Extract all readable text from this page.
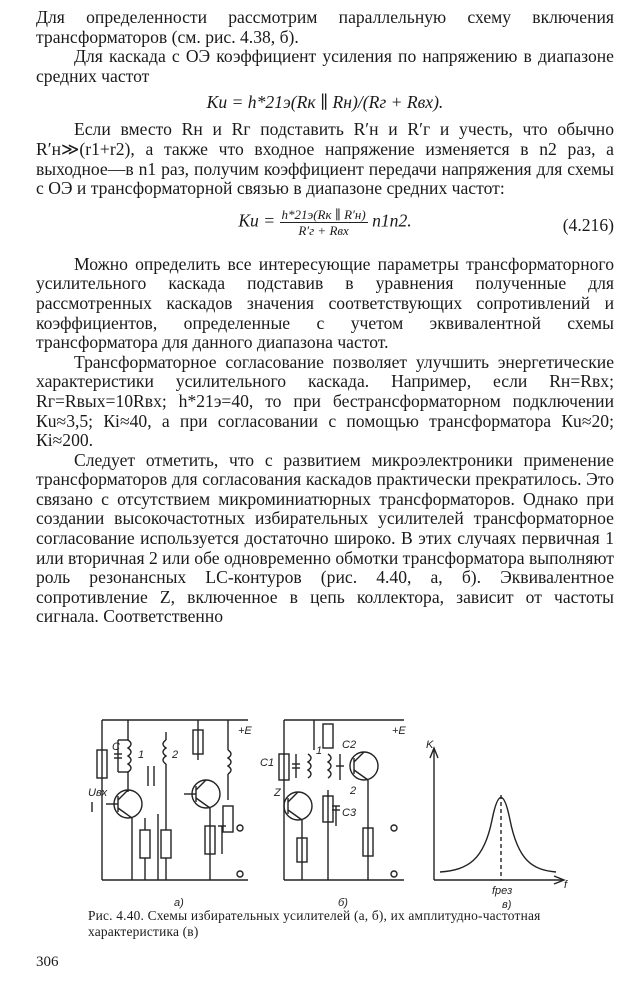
Для определенности рассмотрим параллельную схему включения трансформаторов (см. рис. 4.38, б).

Для каскада с ОЭ коэффициент усиления по напряжению в диапазоне средних частот

Кu = h*21э(Rк ∥ Rн)/(Rг + Rвх).

Если вместо Rн и Rг подставить R′н и R′г и учесть, что обычно R′н≫(r1+r2), а также что входное напряжение изменяется в n2 раз, а выходное—в n1 раз, получим коэффициент передачи напряжения для схемы с ОЭ и трансформаторной связью в диапазоне средних частот:

Кu = $\frac{h*21э(Rк \parallel R'н)}{\text{R′г + Rвх}} n1n2$.	(4.216)

Можно определить все интересующие параметры трансформаторного усилительного каскада подставив в уравнения полученные для рассмотренных каскадов значения соответствующих сопротивлений и коэффициентов, определенные с учетом эквивалентной схемы трансформатора для данного диапазона частот.

Трансформаторное согласование позволяет улучшить энергетические характеристики усилительного каскада. Например, если Rн=Rвх; Rг=Rвых=10Rвх; h*21э=40, то при бестрансформаторном подключении Кu≈3,5; Кi≈40, а при согласовании с помощью трансформатора Кu≈20; Кi≈200.

Следует отметить, что с развитием микроэлектроники применение трансформаторов для согласования каскадов практически прекратилось. Это связано с отсутствием микроминиатюрных трансформаторов. Однако при создании высокочастотных избирательных усилителей трансформаторное согласование используется достаточно широко. В этих случаях первичная 1 или вторичная 2 или обе одновременно обмотки трансформатора выполняют роль резонансных LC-контуров (рис. 4.40, а, б). Эквивалентное сопротивление Z, включенное в цепь коллектора, зависит от частоты сигнала. Соответственно

Uвх
C
1	2
+E
C1
1 C2
2
Z
C3
+E
K
f
fрез
а)	б)	в)
Рис. 4.40. Схемы избирательных усилителей (а, б), их амплитудно-частотная характеристика (в)
306
